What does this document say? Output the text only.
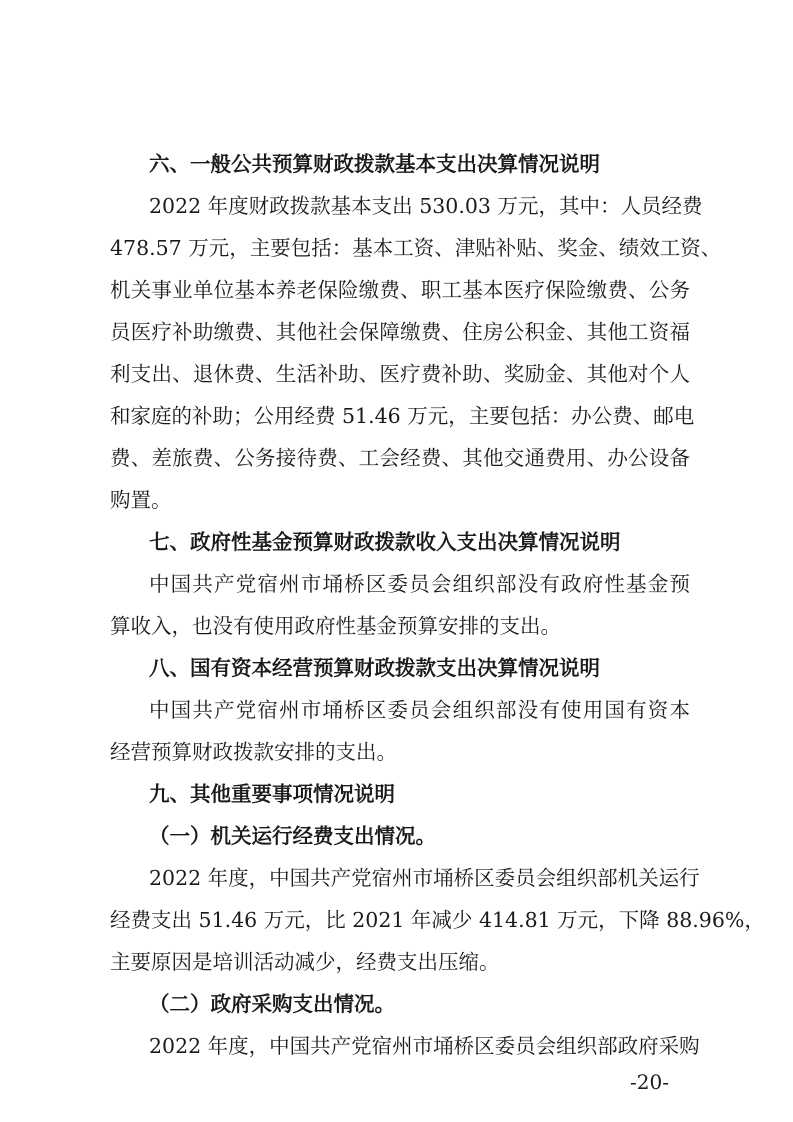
六、一般公共预算财政拨款基本支出决算情况说明
2022 年度财政拨款基本支出 530.03 万元，其中：人员经费
478.57 万元，主要包括：基本工资、津贴补贴、奖金、绩效工资、
机关事业单位基本养老保险缴费、职工基本医疗保险缴费、公务
员医疗补助缴费、其他社会保障缴费、住房公积金、其他工资福
利支出、退休费、生活补助、医疗费补助、奖励金、其他对个人
和家庭的补助；公用经费 51.46 万元，主要包括：办公费、邮电
费、差旅费、公务接待费、工会经费、其他交通费用、办公设备
购置。
七、政府性基金预算财政拨款收入支出决算情况说明
中国共产党宿州市埇桥区委员会组织部没有政府性基金预
算收入，也没有使用政府性基金预算安排的支出。
八、国有资本经营预算财政拨款支出决算情况说明
中国共产党宿州市埇桥区委员会组织部没有使用国有资本
经营预算财政拨款安排的支出。
九、其他重要事项情况说明
（一）机关运行经费支出情况。
2022 年度，中国共产党宿州市埇桥区委员会组织部机关运行
经费支出 51.46 万元，比 2021 年减少 414.81 万元，下降 88.96%，
主要原因是培训活动减少，经费支出压缩。
（二）政府采购支出情况。
2022 年度，中国共产党宿州市埇桥区委员会组织部政府采购
-20-
